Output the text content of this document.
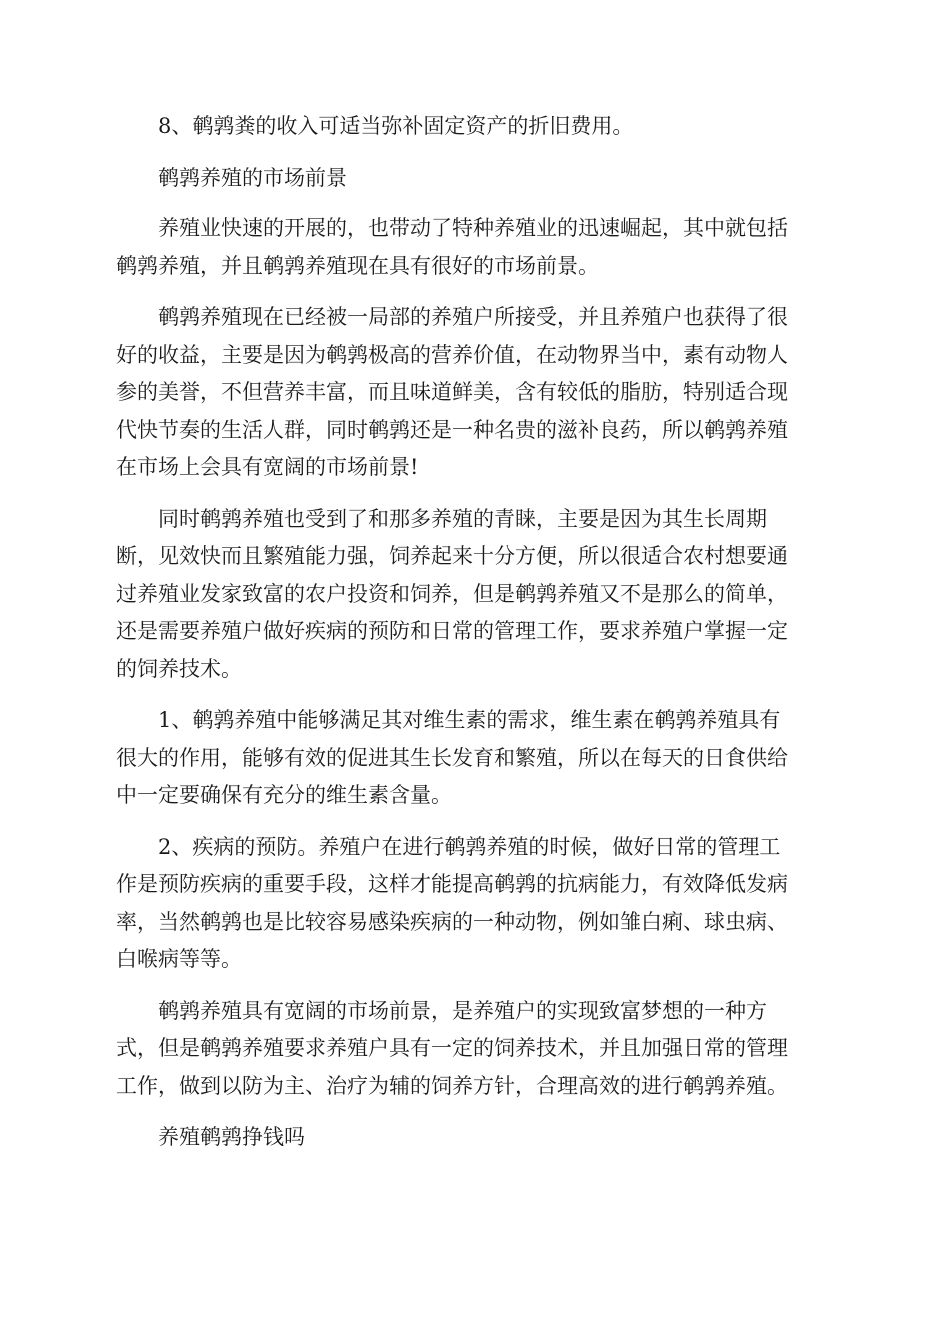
8、鹌鹑粪的收入可适当弥补固定资产的折旧费用。

鹌鹑养殖的市场前景

养殖业快速的开展的，也带动了特种养殖业的迅速崛起，其中就包括
鹌鹑养殖，并且鹌鹑养殖现在具有很好的市场前景。

鹌鹑养殖现在已经被一局部的养殖户所接受，并且养殖户也获得了很
好的收益，主要是因为鹌鹑极高的营养价值，在动物界当中，素有动物人
参的美誉，不但营养丰富，而且味道鲜美，含有较低的脂肪，特别适合现
代快节奏的生活人群，同时鹌鹑还是一种名贵的滋补良药，所以鹌鹑养殖
在市场上会具有宽阔的市场前景!

同时鹌鹑养殖也受到了和那多养殖的青睐，主要是因为其生长周期
断，见效快而且繁殖能力强，饲养起来十分方便，所以很适合农村想要通
过养殖业发家致富的农户投资和饲养，但是鹌鹑养殖又不是那么的简单，
还是需要养殖户做好疾病的预防和日常的管理工作，要求养殖户掌握一定
的饲养技术。

1、鹌鹑养殖中能够满足其对维生素的需求，维生素在鹌鹑养殖具有
很大的作用，能够有效的促进其生长发育和繁殖，所以在每天的日食供给
中一定要确保有充分的维生素含量。

2、疾病的预防。养殖户在进行鹌鹑养殖的时候，做好日常的管理工
作是预防疾病的重要手段，这样才能提高鹌鹑的抗病能力，有效降低发病
率，当然鹌鹑也是比较容易感染疾病的一种动物，例如雏白痢、球虫病、
白喉病等等。

鹌鹑养殖具有宽阔的市场前景，是养殖户的实现致富梦想的一种方
式，但是鹌鹑养殖要求养殖户具有一定的饲养技术，并且加强日常的管理
工作，做到以防为主、治疗为辅的饲养方针，合理高效的进行鹌鹑养殖。

养殖鹌鹑挣钱吗
